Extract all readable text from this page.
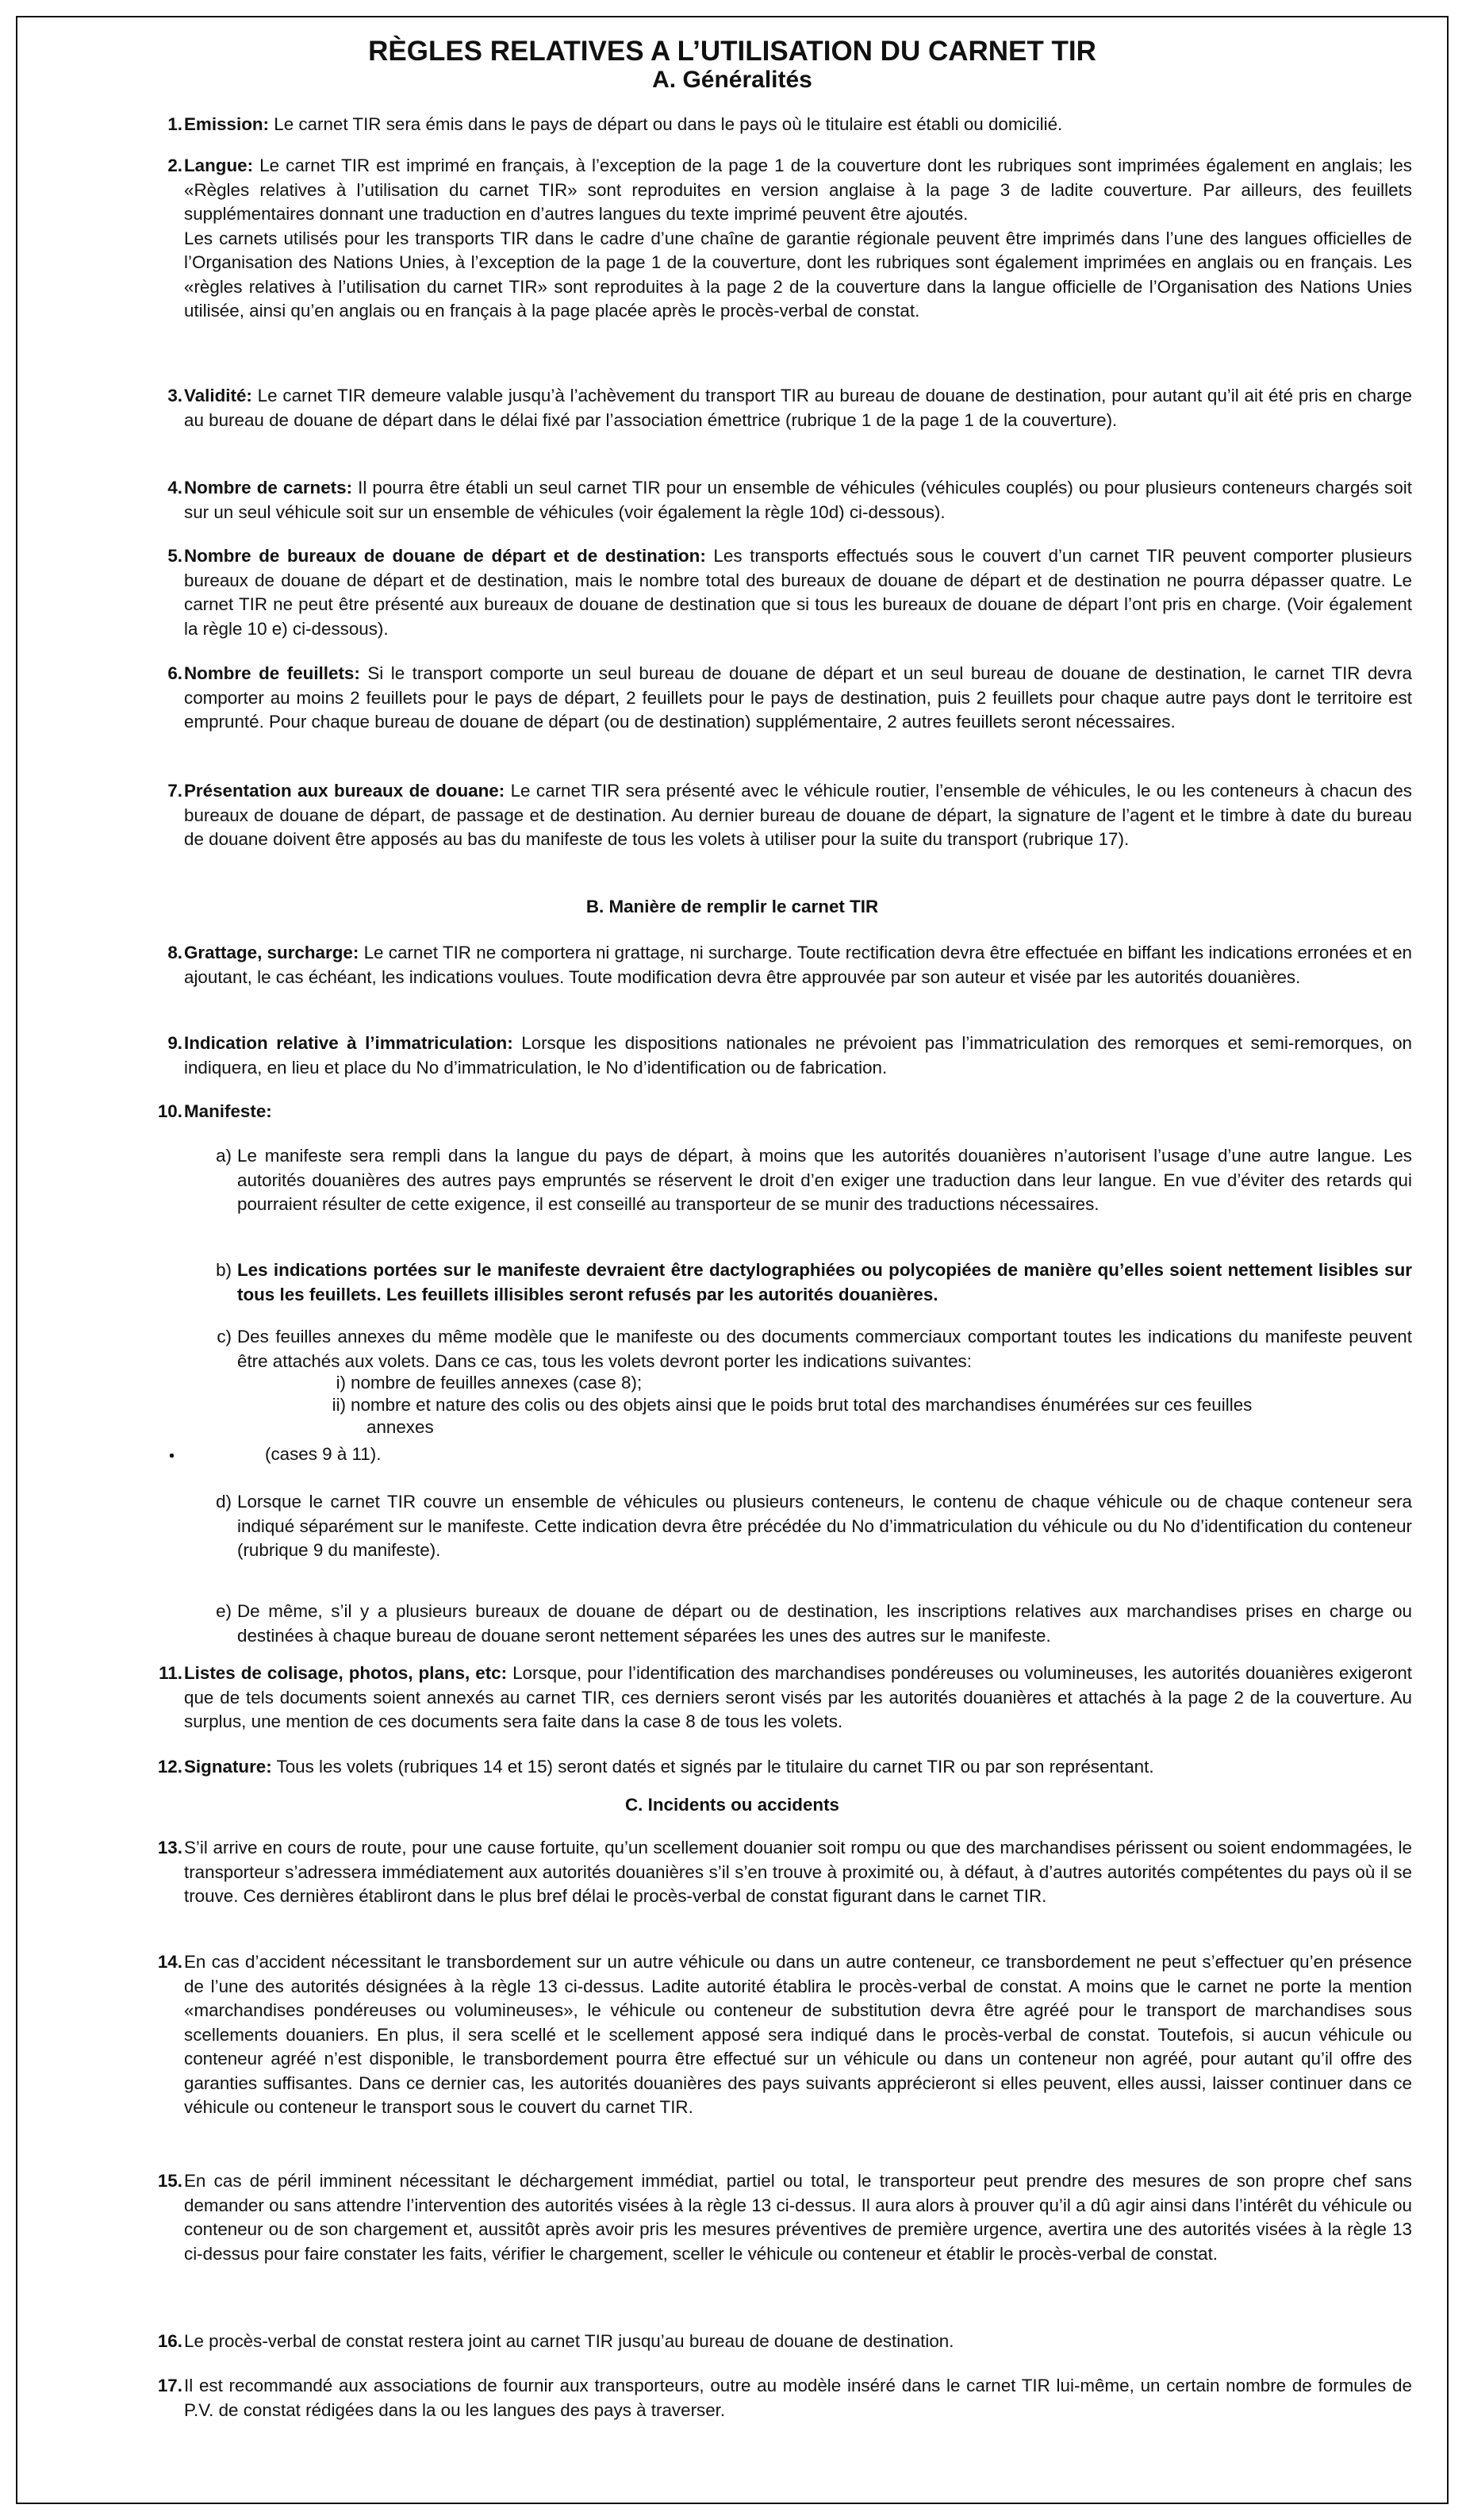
RÈGLES RELATIVES A L’UTILISATION DU CARNET TIR
A. Généralités
1. Emission: Le carnet TIR sera émis dans le pays de départ ou dans le pays où le titulaire est établi ou domicilié.
2. Langue: Le carnet TIR est imprimé en français, à l’exception de la page 1 de la couverture dont les rubriques sont imprimées également en anglais; les «Règles relatives à l’utilisation du carnet TIR» sont reproduites en version anglaise à la page 3 de ladite couverture. Par ailleurs, des feuillets supplémentaires donnant une traduction en d’autres langues du texte imprimé peuvent être ajoutés.

Les carnets utilisés pour les transports TIR dans le cadre d’une chaîne de garantie régionale peuvent être imprimés dans l’une des langues officielles de l’Organisation des Nations Unies, à l’exception de la page 1 de la couverture, dont les rubriques sont également imprimées en anglais ou en français. Les «règles relatives à l’utilisation du carnet TIR» sont reproduites à la page 2 de la couverture dans la langue officielle de l’Organisation des Nations Unies utilisée, ainsi qu’en anglais ou en français à la page placée après le procès-verbal de constat.

3. Validité: Le carnet TIR demeure valable jusqu’à l’achèvement du transport TIR au bureau de douane de destination, pour autant qu’il ait été pris en charge au bureau de douane de départ dans le délai fixé par l’association émettrice (rubrique 1 de la page 1 de la couverture).
4. Nombre de carnets: Il pourra être établi un seul carnet TIR pour un ensemble de véhicules (véhicules couplés) ou pour plusieurs conteneurs chargés soit sur un seul véhicule soit sur un ensemble de véhicules (voir également la règle 10d) ci-dessous).
5. Nombre de bureaux de douane de départ et de destination: Les transports effectués sous le couvert d’un carnet TIR peuvent comporter plusieurs bureaux de douane de départ et de destination, mais le nombre total des bureaux de douane de départ et de destination ne pourra dépasser quatre. Le carnet TIR ne peut être présenté aux bureaux de douane de destination que si tous les bureaux de douane de départ l’ont pris en charge. (Voir également la règle 10 e) ci-dessous).
6. Nombre de feuillets: Si le transport comporte un seul bureau de douane de départ et un seul bureau de douane de destination, le carnet TIR devra comporter au moins 2 feuillets pour le pays de départ, 2 feuillets pour le pays de destination, puis 2 feuillets pour chaque autre pays dont le territoire est emprunté. Pour chaque bureau de douane de départ (ou de destination) supplémentaire, 2 autres feuillets seront nécessaires.
7. Présentation aux bureaux de douane: Le carnet TIR sera présenté avec le véhicule routier, l’ensemble de véhicules, le ou les conteneurs à chacun des bureaux de douane de départ, de passage et de destination. Au dernier bureau de douane de départ, la signature de l’agent et le timbre à date du bureau de douane doivent être apposés au bas du manifeste de tous les volets à utiliser pour la suite du transport (rubrique 17).
B. Manière de remplir le carnet TIR
8. Grattage, surcharge: Le carnet TIR ne comportera ni grattage, ni surcharge. Toute rectification devra être effectuée en biffant les indications erronées et en ajoutant, le cas échéant, les indications voulues. Toute modification devra être approuvée par son auteur et visée par les autorités douanières.
9. Indication relative à l’immatriculation: Lorsque les dispositions nationales ne prévoient pas l’immatriculation des remorques et semi-remorques, on indiquera, en lieu et place du No d’immatriculation, le No d’identification ou de fabrication.
10. Manifeste:
a) Le manifeste sera rempli dans la langue du pays de départ, à moins que les autorités douanières n’autorisent l’usage d’une autre langue. Les autorités douanières des autres pays empruntés se réservent le droit d’en exiger une traduction dans leur langue. En vue d’éviter des retards qui pourraient résulter de cette exigence, il est conseillé au transporteur de se munir des traductions nécessaires.
b) Les indications portées sur le manifeste devraient être dactylographiées ou polycopiées de manière qu’elles soient nettement lisibles sur tous les feuillets. Les feuillets illisibles seront refusés par les autorités douanières.
c) Des feuilles annexes du même modèle que le manifeste ou des documents commerciaux comportant toutes les indications du manifeste peuvent être attachés aux volets. Dans ce cas, tous les volets devront porter les indications suivantes:
i) nombre de feuilles annexes (case 8);
ii) nombre et nature des colis ou des objets ainsi que le poids brut total des marchandises énumérées sur ces feuilles
annexes
(cases 9 à 11).
d) Lorsque le carnet TIR couvre un ensemble de véhicules ou plusieurs conteneurs, le contenu de chaque véhicule ou de chaque conteneur sera indiqué séparément sur le manifeste. Cette indication devra être précédée du No d’immatriculation du véhicule ou du No d’identification du conteneur (rubrique 9 du manifeste).
e) De même, s’il y a plusieurs bureaux de douane de départ ou de destination, les inscriptions relatives aux marchandises prises en charge ou destinées à chaque bureau de douane seront nettement séparées les unes des autres sur le manifeste.
11. Listes de colisage, photos, plans, etc: Lorsque, pour l’identification des marchandises pondéreuses ou volumineuses, les autorités douanières exigeront que de tels documents soient annexés au carnet TIR, ces derniers seront visés par les autorités douanières et attachés à la page 2 de la couverture. Au surplus, une mention de ces documents sera faite dans la case 8 de tous les volets.
12. Signature: Tous les volets (rubriques 14 et 15) seront datés et signés par le titulaire du carnet TIR ou par son représentant.
C. Incidents ou accidents
13. S’il arrive en cours de route, pour une cause fortuite, qu’un scellement douanier soit rompu ou que des marchandises périssent ou soient endommagées, le transporteur s’adressera immédiatement aux autorités douanières s’il s’en trouve à proximité ou, à défaut, à d’autres autorités compétentes du pays où il se trouve. Ces dernières établiront dans le plus bref délai le procès-verbal de constat figurant dans le carnet TIR.
14. En cas d’accident nécessitant le transbordement sur un autre véhicule ou dans un autre conteneur, ce transbordement ne peut s’effectuer qu’en présence de l’une des autorités désignées à la règle 13 ci-dessus. Ladite autorité établira le procès-verbal de constat. A moins que le carnet ne porte la mention «marchandises pondéreuses ou volumineuses», le véhicule ou conteneur de substitution devra être agréé pour le transport de marchandises sous scellements douaniers. En plus, il sera scellé et le scellement apposé sera indiqué dans le procès-verbal de constat. Toutefois, si aucun véhicule ou conteneur agréé n’est disponible, le transbordement pourra être effectué sur un véhicule ou dans un conteneur non agréé, pour autant qu’il offre des garanties suffisantes. Dans ce dernier cas, les autorités douanières des pays suivants apprécieront si elles peuvent, elles aussi, laisser continuer dans ce véhicule ou conteneur le transport sous le couvert du carnet TIR.
15. En cas de péril imminent nécessitant le déchargement immédiat, partiel ou total, le transporteur peut prendre des mesures de son propre chef sans demander ou sans attendre l’intervention des autorités visées à la règle 13 ci-dessus. Il aura alors à prouver qu’il a dû agir ainsi dans l’intérêt du véhicule ou conteneur ou de son chargement et, aussitôt après avoir pris les mesures préventives de première urgence, avertira une des autorités visées à la règle 13 ci-dessus pour faire constater les faits, vérifier le chargement, sceller le véhicule ou conteneur et établir le procès-verbal de constat.
16. Le procès-verbal de constat restera joint au carnet TIR jusqu’au bureau de douane de destination.
17. Il est recommandé aux associations de fournir aux transporteurs, outre au modèle inséré dans le carnet TIR lui-même, un certain nombre de formules de P.V. de constat rédigées dans la ou les langues des pays à traverser.
